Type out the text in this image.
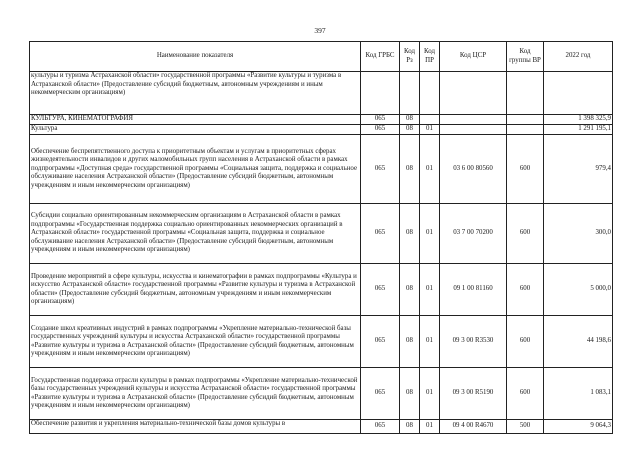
397
Наименование показателя	Код ГРБС	Код Рз	Код ПР	Код ЦСР	Код группы ВР	2022 год
культуры и туризма Астраханской области» государственной программы «Развитие культуры и туризма в Астраханской области» (Предоставление субсидий бюджетным, автономным учреждениям и иным некоммерческим организациям)						
КУЛЬТУРА, КИНЕМАТОГРАФИЯ	065	08				1 398 325,9
Культура	065	08	01			1 291 195,1
Обеспечение беспрепятственного доступа к приоритетным объектам и услугам в приоритетных сферах жизнедеятельности инвалидов и других маломобильных групп населения в Астраханской области в рамках подпрограммы «Доступная среда» государственной программы «Социальная защита, поддержка и социальное обслуживание населения Астраханской области» (Предоставление субсидий бюджетным, автономным учреждениям и иным некоммерческим организациям)	065	08	01	03 6 00 80560	600	979,4
Субсидии социально ориентированным некоммерческим организациям в Астраханской области в рамках подпрограммы «Государственная поддержка социально ориентированных некоммерческих организаций в Астраханской области» государственной программы «Социальная защита, поддержка и социальное обслуживание населения Астраханской области» (Предоставление субсидий бюджетным, автономным учреждениям и иным некоммерческим организациям)	065	08	01	03 7 00 70200	600	300,0
Проведение мероприятий в сфере культуры, искусства и кинематографии в рамках подпрограммы «Культура и искусство Астраханской области» государственной программы «Развитие культуры и туризма в Астраханской области» (Предоставление субсидий бюджетным, автономным учреждениям и иным некоммерческим организациям)	065	08	01	09 1 00 81160	600	5 000,0
Создание школ креативных индустрий в рамках подпрограммы «Укрепление материально-технической базы государственных учреждений культуры и искусства Астраханской области» государственной программы «Развитие культуры и туризма в Астраханской области» (Предоставление субсидий бюджетным, автономным учреждениям и иным некоммерческим организациям)	065	08	01	09 3 00 R3530	600	44 198,6
Государственная поддержка отрасли культуры в рамках подпрограммы «Укрепление материально-технической базы государственных учреждений культуры и искусства Астраханской области» государственной программы «Развитие культуры и туризма в Астраханской области» (Предоставление субсидий бюджетным, автономным учреждениям и иным некоммерческим организациям)	065	08	01	09 3 00 R5190	600	1 083,1
Обеспечение развития и укрепления материально-технической базы домов культуры в	065	08	01	09 4 00 R4670	500	9 064,3
